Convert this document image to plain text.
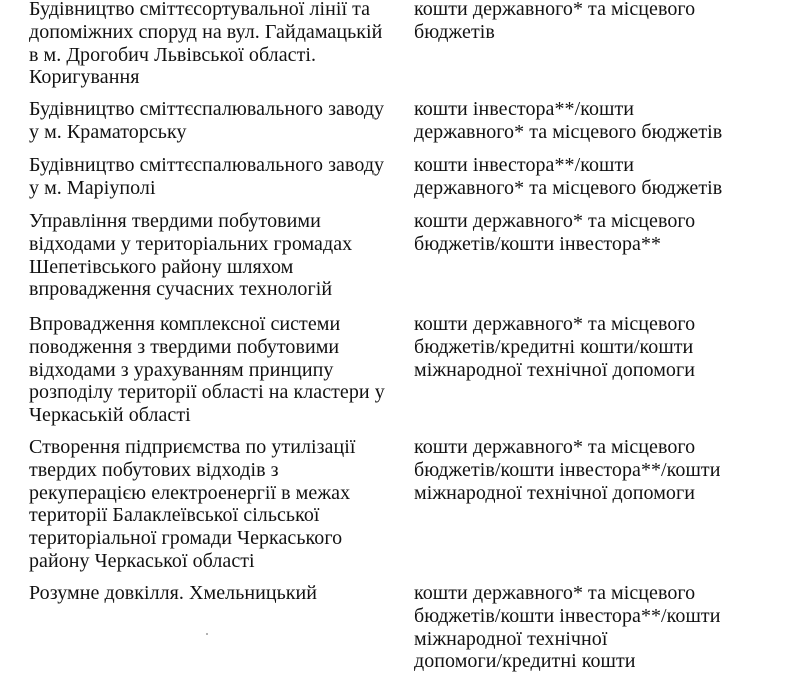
Будівництво сміттєсортувальної лінії та
допоміжних споруд на вул. Гайдамацькій
в м. Дрогобич Львівської області.
Коригування
кошти державного* та місцевого
бюджетів
Будівництво сміттєспалювального заводу
у м. Краматорську
кошти інвестора**/кошти
державного* та місцевого бюджетів
Будівництво сміттєспалювального заводу
у м. Маріуполі
кошти інвестора**/кошти
державного* та місцевого бюджетів
Управління твердими побутовими
відходами у територіальних громадах
Шепетівського району шляхом
впровадження сучасних технологій
кошти державного* та місцевого
бюджетів/кошти інвестора**
Впровадження комплексної системи
поводження з твердими побутовими
відходами з урахуванням принципу
розподілу території області на кластери у
Черкаській області
кошти державного* та місцевого
бюджетів/кредитні кошти/кошти
міжнародної технічної допомоги
Створення підприємства по утилізації
твердих побутових відходів з
рекуперацією електроенергії в межах
території Балаклеївської сільської
територіальної громади Черкаського
району Черкаської області
кошти державного* та місцевого
бюджетів/кошти інвестора**/кошти
міжнародної технічної допомоги
Розумне довкілля. Хмельницький	кошти державного* та місцевого
бюджетів/кошти інвестора**/кошти
міжнародної технічної
допомоги/кредитні кошти
